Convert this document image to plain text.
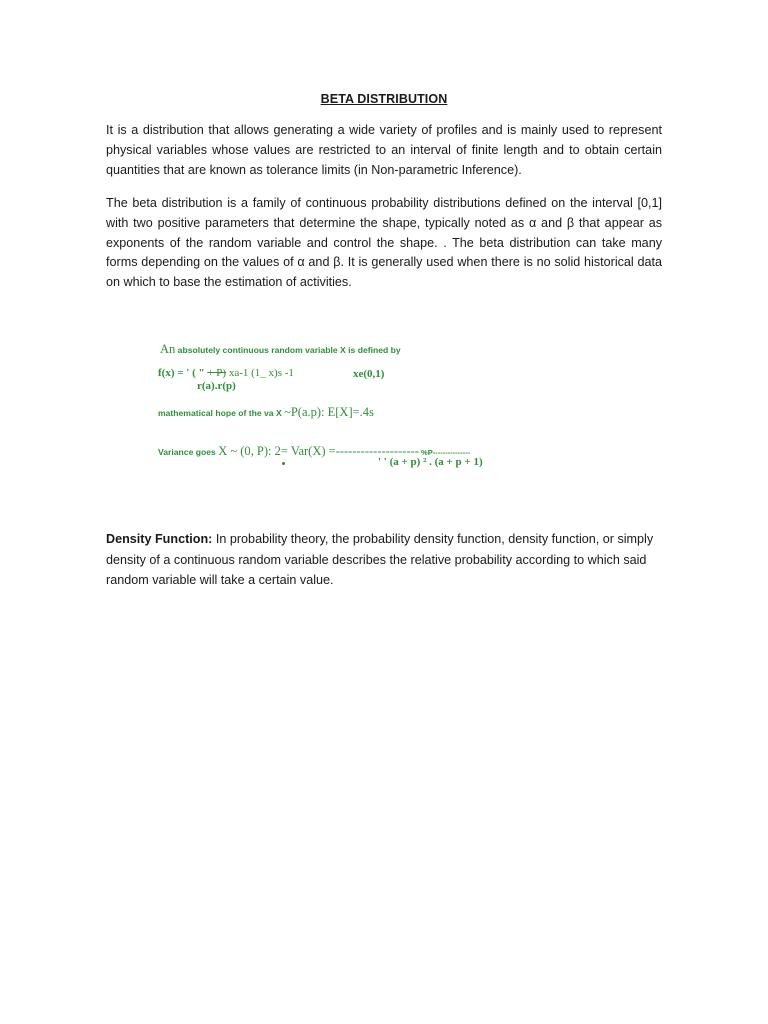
BETA DISTRIBUTION

It is a distribution that allows generating a wide variety of profiles and is mainly used to represent physical variables whose values are restricted to an interval of finite length and to obtain certain quantities that are known as tolerance limits (in Non-parametric Inference).

The beta distribution is a family of continuous probability distributions defined on the interval [0,1] with two positive parameters that determine the shape, typically noted as α and β that appear as exponents of the random variable and control the shape. . The beta distribution can take many forms depending on the values of α and β. It is generally used when there is no solid historical data on which to base the estimation of activities.

An absolutely continuous random variable X is defined by
f(x) = ' ( " + P) xa-1 (1_ x)s -1
r(a).r(p)
xe(0,1)
mathematical hope of the va X ~P(a.p): E[X]=.4s
Variance goes X ~ (0, P): 2= Var(X) =-------------------- %P---------------
' ' (a + p) ² . (a + p + 1)

Density Function: In probability theory, the probability density function, density function, or simply density of a continuous random variable describes the relative probability according to which said random variable will take a certain value.
